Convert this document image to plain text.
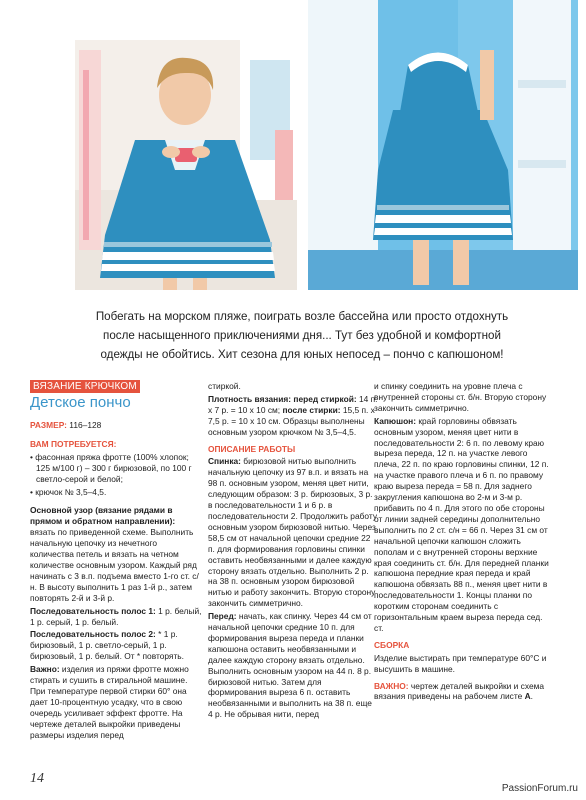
Побегать на морском пляже, поиграть возле бассейна или просто отдохнуть
после насыщенного приключениями дня... Тут без удобной и комфортной
одежды не обойтись. Хит сезона для юных непосед – пончо с капюшоном!
ВЯЗАНИЕ КРЮЧКОМ
Детское пончо

РАЗМЕР: 116–128

ВАМ ПОТРЕБУЕТСЯ:

• фасонная пряжа фротте (100% хлопок; 125 м/100 г) – 300 г бирюзовой, по 100 г светло-серой и белой;

• крючок № 3,5–4,5.

Основной узор (вязание рядами в прямом и обратном направлении): вязать по приведенной схеме. Выполнить начальную цепочку из нечетного количества петель и вязать на четном количестве основным узором. Каждый ряд начинать с 3 в.п. подъема вместо 1-го ст. с/н. В высоту выполнить 1 раз 1-й р., затем повторять 2-й и 3-й р.

Последовательность полос 1: 1 р. белый, 1 р. серый, 1 р. белый.

Последовательность полос 2: * 1 р. бирюзовый, 1 р. светло-серый, 1 р. бирюзовый, 1 р. белый. От * повторять.

Важно: изделия из пряжи фротте можно стирать и сушить в стиральной машине. При температуре первой стирки 60° она дает 10-процентную усадку, что в свою очередь усиливает эффект фротте. На чертеже деталей выкройки приведены размеры изделия перед

стиркой.

Плотность вязания: перед стиркой: 14 п. х 7 р. = 10 х 10 см; после стирки: 15,5 п. х 7,5 р. = 10 х 10 см. Образцы выполнены основным узором крючком № 3,5–4,5.

ОПИСАНИЕ РАБОТЫ

Спинка: бирюзовой нитью выполнить начальную цепочку из 97 в.п. и вязать на 98 п. основным узором, меняя цвет нити, следующим образом: 3 р. бирюзовых, 3 р. в последовательности 1 и 6 р. в последовательности 2. Продолжить работу основным узором бирюзовой нитью. Через 58,5 см от начальной цепочки средние 22 п. для формирования горловины спинки оставить необвязанными и далее каждую сторону вязать отдельно. Выполнить 2 р. на 38 п. основным узором бирюзовой нитью и работу закончить. Вторую сторону закончить симметрично.

Перед: начать, как спинку. Через 44 см от начальной цепочки средние 10 п. для формирования выреза переда и планки капюшона оставить необвязанными и далее каждую сторону вязать отдельно. Выполнить основным узором на 44 п. 8 р. бирюзовой нитью. Затем для формирования выреза 6 п. оставить необвязанными и выполнить на 38 п. еще 4 р. Не обрывая нити, перед

и спинку соединить на уровне плеча с внутренней стороны ст. б/н. Вторую сторону закончить симметрично.

Капюшон: край горловины обвязать основным узором, меняя цвет нити в последовательности 2: 6 п. по левому краю выреза переда, 12 п. на участке левого плеча, 22 п. по краю горловины спинки, 12 п. на участке правого плеча и 6 п. по правому краю выреза переда = 58 п. Для заднего закругления капюшона во 2-м и 3-м р. прибавить по 4 п. Для этого по обе стороны от линии задней середины дополнительно выполнить по 2 ст. с/н = 66 п. Через 31 см от начальной цепочки капюшон сложить пополам и с внутренней стороны верхние края соединить ст. б/н. Для передней планки капюшона передние края переда и край капюшона обвязать 88 п., меняя цвет нити в последовательности 1. Концы планки по коротким сторонам соединить с горизонтальным краем выреза переда сед. ст.

СБОРКА

Изделие выстирать при температуре 60°С и высушить в машине.

ВАЖНО: чертеж деталей выкройки и схема вязания приведены на рабочем листе А.

14
PassionForum.ru
